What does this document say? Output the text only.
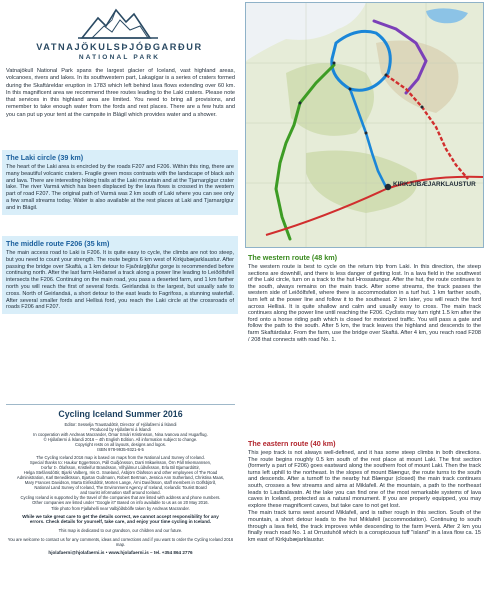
VATNAJÖKULSÞJÓÐGARÐUR
NATIONAL PARK
Vatnajökull National Park spans the largest glacier of Iceland, vast highland areas, volcanoes, rivers and lakes. In its southwestern part, Lakagígar is a series of craters formed during the Skaftáreldar eruption in 1783 which left behind lava flows extending over 60 km. In this magnificent area we recommend three routes leading to the Laki craters. Please note that services in this highland area are limited. You need to bring all provisions, and remember to take enough water from the fords and rest places. There are a few huts and you can put up your tent at the campsite in Blágil which provides water and a shower.
The Laki circle (39 km)

The heart of the Laki area is encircled by the roads F207 and F206. Within this ring, there are many beautiful volcanic craters. Fragile green moss contrasts with the landscape of black ash and lava. There are interesting hiking trails at the Laki mountain and at the Tjarnargígur crater lake. The river Varmá which has been displaced by the lava flows is crossed in the western part of road F207. The original path of Varmá was 2 km south of Laki where you can see only a few small streams today. Water is also available at the rest places at Laki and Tjarnargígur and in Blágil.

The middle route F206 (35 km)

The main access road to Laki is F206. It is quite easy to cycle, the climbs are not too steep, but you need to count your strength. The route begins 6 km west of Kirkjubæjarklaustur. After passing the bridge over Skaftá, a 1 km detour to Fjaðrárgljúfur gorge is recommended before continuing north. After the last farm Heiðarsel a track along a power line leading to Leiðólfsfell intersects the F206. Continuing on the main road, you pass a deserted farm, and 1 km farther north you will reach the first of several fords. Geirlandsá is the largest, but usually safe to cross. North of Geirlandsá, a short detour to the east leads to Fagrifoss, a stunning waterfall. After several smaller fords and Hellisá ford, you reach the Laki circle at the crossroads of roads F206 and F207.

Cycling Iceland Summer 2016
Editor: Sesselja Traustadóttir, Director of Hjólafærni á Íslandi
Produced by Hjólafærni á Íslandi
In cooperation with Andreas Macrander, Ómar Smári Kristinsson, Nina Ivanova and Hugarflug.
© Hjólafærni á Íslandi 2016 – 4th English Edition. All information subject to change.
Copyright rests on all layouts, designs and logos.
ISBN 978-9935-9321-6-5
The Cycling Iceland 2016 map is based on maps from the National Land Survey of Iceland.
Special thanks to: Haukur Eggertsson, Páll Guðjónsson, Darri Mikaelsson, Örn Páll Inkemannsen,
Þorfur Þ. Ólafsson, Kristleifur Brandsson, Vilhjálmur Lúðvíksson, Erla Bil Bjarnardóttir,
Helga Stefánsdóttir, Bjarki Valberg, Iris G. Snæland, Ásbjörn Ólafsson and other employees of The Road
Administration, Karl Benediktsson, Bjartan Guðmann, Robert Bertman, Jessica Ann Sutherland, Christina Maas,
Mary Frances Davidson, Marta Eiríksdóttir, Morten Lange, Árni Davíðsson, staff members in Golfsbjörð,
National Land Survey of Iceland, The Environment Agency of Iceland, Icelandic Tourist Board
and tourist information staff around Iceland.
Cycling Iceland is supported by the travel of the companies that are listed with address and phone numbers.
Other companies are listed under "Google it!" Based on info available to us as on 20 May 2016.
Title photo from Fjallahelli near Valbjóðsbólfe taken by Andreas Macrander.
While we take great care to get the details correct, we cannot accept responsibility for any
errors. Check details for yourself, take care, and enjoy your time cycling in Iceland.
This map is dedicated to our grandson, our children and our future.
You are welcome to contact us for any comments, ideas and corrections and if you want to order the Cycling Iceland 2016 map.
hjolafaerni@hjolafaerni.is • www.hjolafaerni.is – tel. +354 864 2776
KIRKJUBÆJARKLAUSTUR
The western route (48 km)

The western route is best to cycle on the return trip from Laki. In this direction, the steep sections are downhill, and there is less danger of getting lost. In a lava field in the southwest of the Laki circle, turn on a track to the hut Hrossatungur. After the hut, the route continues to the south, always remains on the main track. After some streams, the track passes the western side of Leiðólfsfell, where there is accommodation in a turf hut. 1 km farther south, turn left at the power line and follow it to the southeast. 2 km later, you will reach the ford across Hellisá. It is quite shallow and calm and usually easy to cross. The main track continues along the power line until reaching the F206. Cyclists may turn right 1.5 km after the ford onto a horse riding path which is closed for motorized traffic. You will pass a gate and follow the path to the south. After 5 km, the track leaves the highland and descends to the farm Skaftárdalur. From the farm, use the bridge over Skaftá. After 4 km, you reach road F208 / 208 that connects with road No. 1.

The eastern route (40 km)

This jeep track is not always well-defined, and it has some steep climbs in both directions. The route begins roughly 0.5 km south of the rest place at mount Laki. The first section (formerly a part of F206) goes eastward along the southern foot of mount Laki. Then the track turns left uphill to the northeast. In the slopes of mount Blængur, the route turns to the south and descends. After a turnoff to the nearby hut Blængur (closed) the main track continues south, crosses a few streams and aims at Miklafell. At the mountain, a path to the northeast leads to Laufbalavatn. At the lake you can find one of the most remarkable systems of lava caves in Iceland, protected as a natural monument. If you are properly equipped, you may explore these magnificent caves, but take care to not get lost.

The main track turns west around Miklafell, and is rather rough in this section. South of the mountain, a short detour leads to the hut Miklafell (accommodation). Continuing to south through a lava field, the track improves while descending to the farm Þverá. After 2 km you finally reach road No. 1 at Orrustuhóll which is a conspicuous tuff "island" in a lava flow ca. 15 km east of Kirkjubæjarklaustur.
